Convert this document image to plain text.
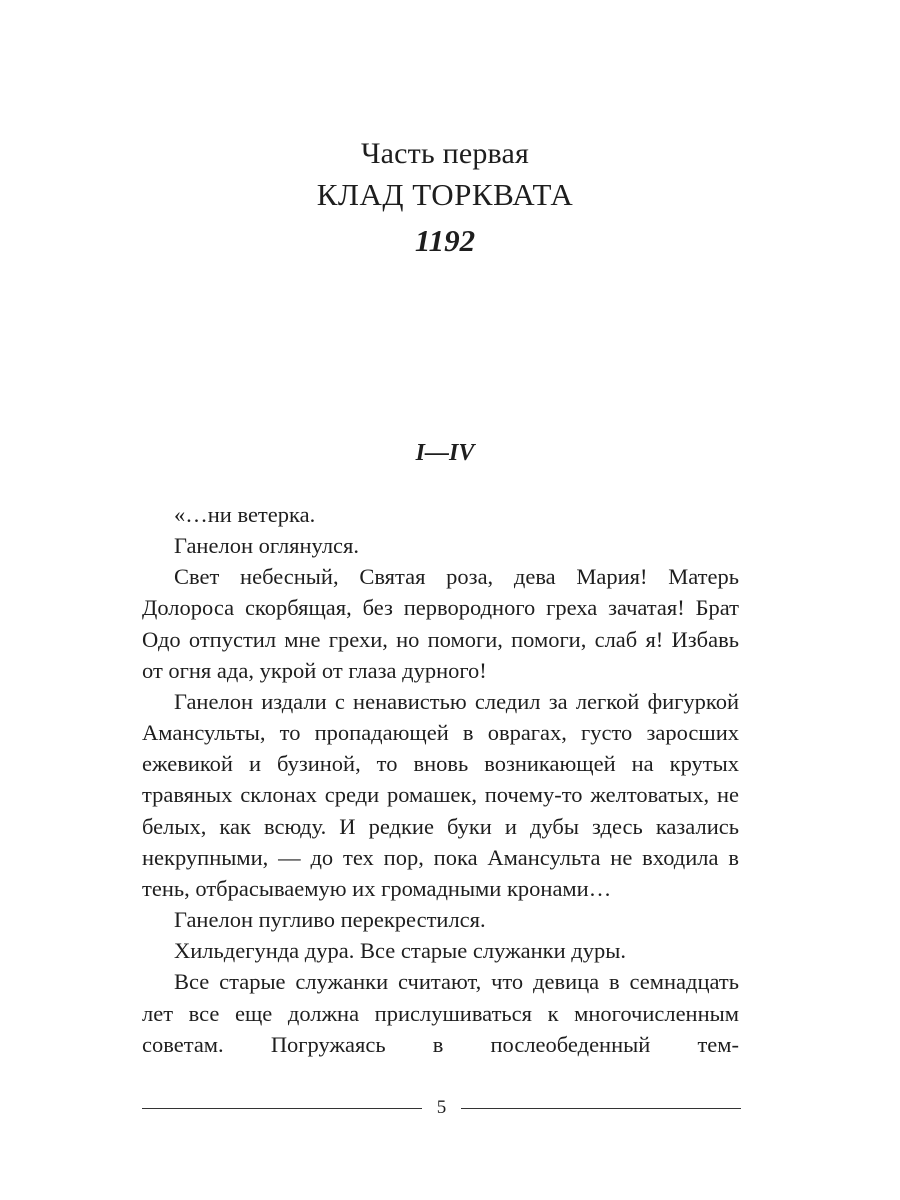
Часть первая
КЛАД ТОРКВАТА
1192
I—IV

«…ни ветерка.

Ганелон оглянулся.

Свет небесный, Святая роза, дева Мария! Матерь Долороса скорбящая, без первородного греха зачатая! Брат Одо отпустил мне грехи, но помоги, помоги, слаб я! Избавь от огня ада, укрой от глаза дурного!

Ганелон издали с ненавистью следил за легкой фигуркой Амансульты, то пропадающей в оврагах, густо заросших ежевикой и бузиной, то вновь возникающей на крутых травяных склонах среди ромашек, почему-то желтоватых, не белых, как всюду. И редкие буки и дубы здесь казались некрупными, — до тех пор, пока Амансульта не входила в тень, отбрасываемую их громадными кронами…

Ганелон пугливо перекрестился.

Хильдегунда дура. Все старые служанки дуры.

Все старые служанки считают, что девица в семнадцать лет все еще должна прислушиваться к многочисленным советам. Погружаясь в послеобеденный тем-

5
